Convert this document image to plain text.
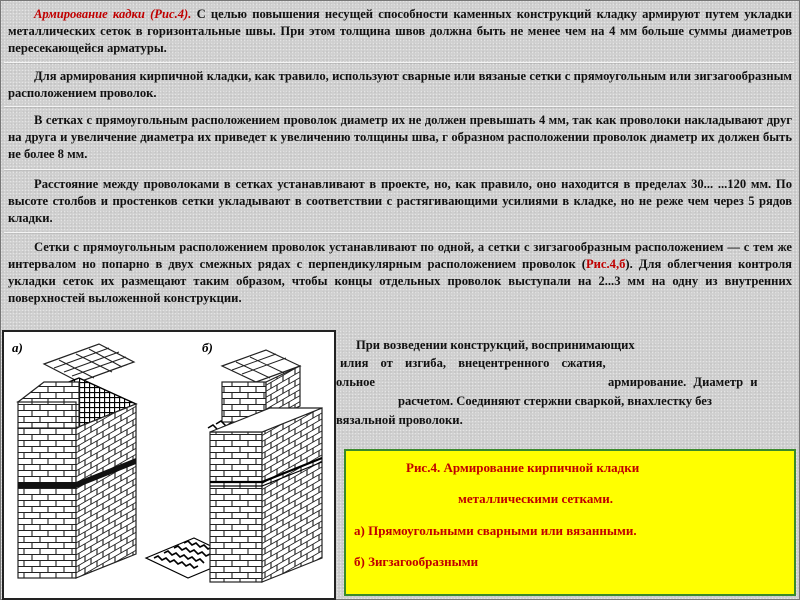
Армирование кадки (Рис.4). С целью повышения несущей способности каменных конструкций кладку армируют путем укладки металлических сеток в горизонтальные швы. При этом толщина швов должна быть не менее чем на 4 мм больше суммы диаметров пересекающейся арматуры.
Для армирования кирпичной кладки, как травило, используют сварные или вязаные сетки с прямоугольным или зигзагообразным расположением проволок.
В сетках с прямоугольным расположением проволок диаметр их не должен превышать 4 мм, так как проволоки накладывают друг на друга и увеличение диаметра их приведет к увеличению толщины шва, г образном расположении проволок диаметр их должен быть не более 8 мм.
Расстояние между проволоками в сетках устанавливают в проекте, но, как правило, оно находится в пределах 30... ...120 мм. По высоте столбов и простенков сетки укладывают в соответствии с растягивающими усилиями в кладке, но не реже чем через 5 рядов кладки.
Сетки с прямоугольным расположением проволок устанавливают по одной, а сетки с зигзагообразным расположением — с тем же интервалом но попарно в двух смежных рядах с перпендикулярным расположением проволок (Рис.4,б). Для облегчения контроля укладки сеток их размещают таким образом, чтобы концы отдельных проволок выступали на 2...3 мм на одну из внутренних поверхностей выложенной конструкции.
При возведении конструкций, воспринимающих
илия от изгиба, внецентренного сжатия,
ольное	армирование. Диаметр и
расчетом. Соединяют стержни сваркой, внахлестку без
вязальной проволоки.
а)	б)
Рис.4. Армирование кирпичной кладки
металлическими сетками.
а) Прямоугольными сварными или вязанными.
б) Зигзагообразными
